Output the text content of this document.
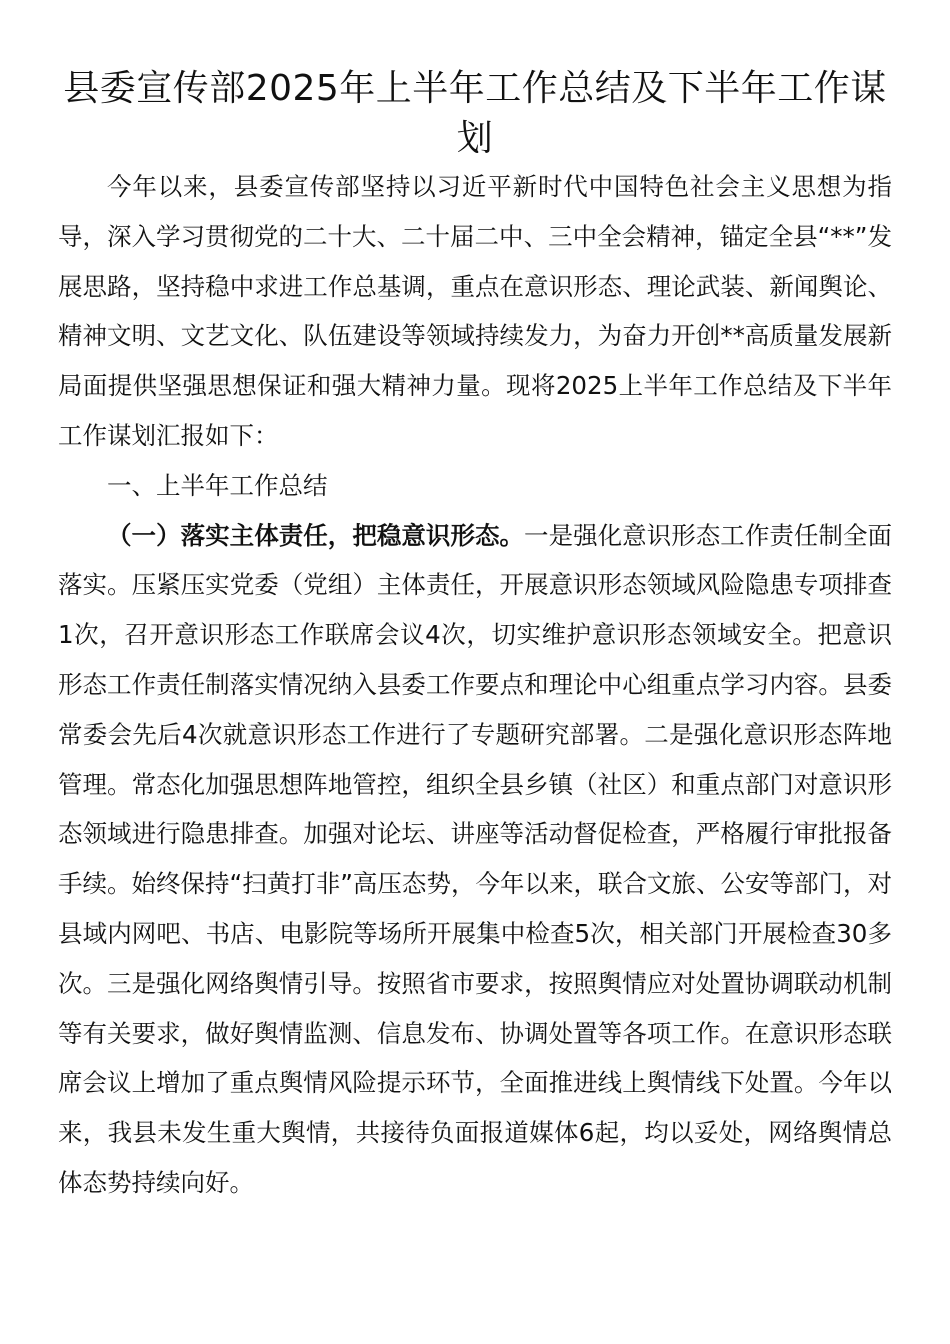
县委宣传部2025年上半年工作总结及下半年工作谋划

今年以来，县委宣传部坚持以习近平新时代中国特色社会主义思想为指导，深入学习贯彻党的二十大、二十届二中、三中全会精神，锚定全县“**”发展思路，坚持稳中求进工作总基调，重点在意识形态、理论武装、新闻舆论、精神文明、文艺文化、队伍建设等领域持续发力，为奋力开创**高质量发展新局面提供坚强思想保证和强大精神力量。现将2025上半年工作总结及下半年工作谋划汇报如下：

一、上半年工作总结

（一）落实主体责任，把稳意识形态。一是强化意识形态工作责任制全面落实。压紧压实党委（党组）主体责任，开展意识形态领域风险隐患专项排查1次，召开意识形态工作联席会议4次，切实维护意识形态领域安全。把意识形态工作责任制落实情况纳入县委工作要点和理论中心组重点学习内容。县委常委会先后4次就意识形态工作进行了专题研究部署。二是强化意识形态阵地管理。常态化加强思想阵地管控，组织全县乡镇（社区）和重点部门对意识形态领域进行隐患排查。加强对论坛、讲座等活动督促检查，严格履行审批报备手续。始终保持“扫黄打非”高压态势，今年以来，联合文旅、公安等部门，对县域内网吧、书店、电影院等场所开展集中检查5次，相关部门开展检查30多次。三是强化网络舆情引导。按照省市要求，按照舆情应对处置协调联动机制等有关要求，做好舆情监测、信息发布、协调处置等各项工作。在意识形态联席会议上增加了重点舆情风险提示环节，全面推进线上舆情线下处置。今年以来，我县未发生重大舆情，共接待负面报道媒体6起，均以妥处，网络舆情总体态势持续向好。
